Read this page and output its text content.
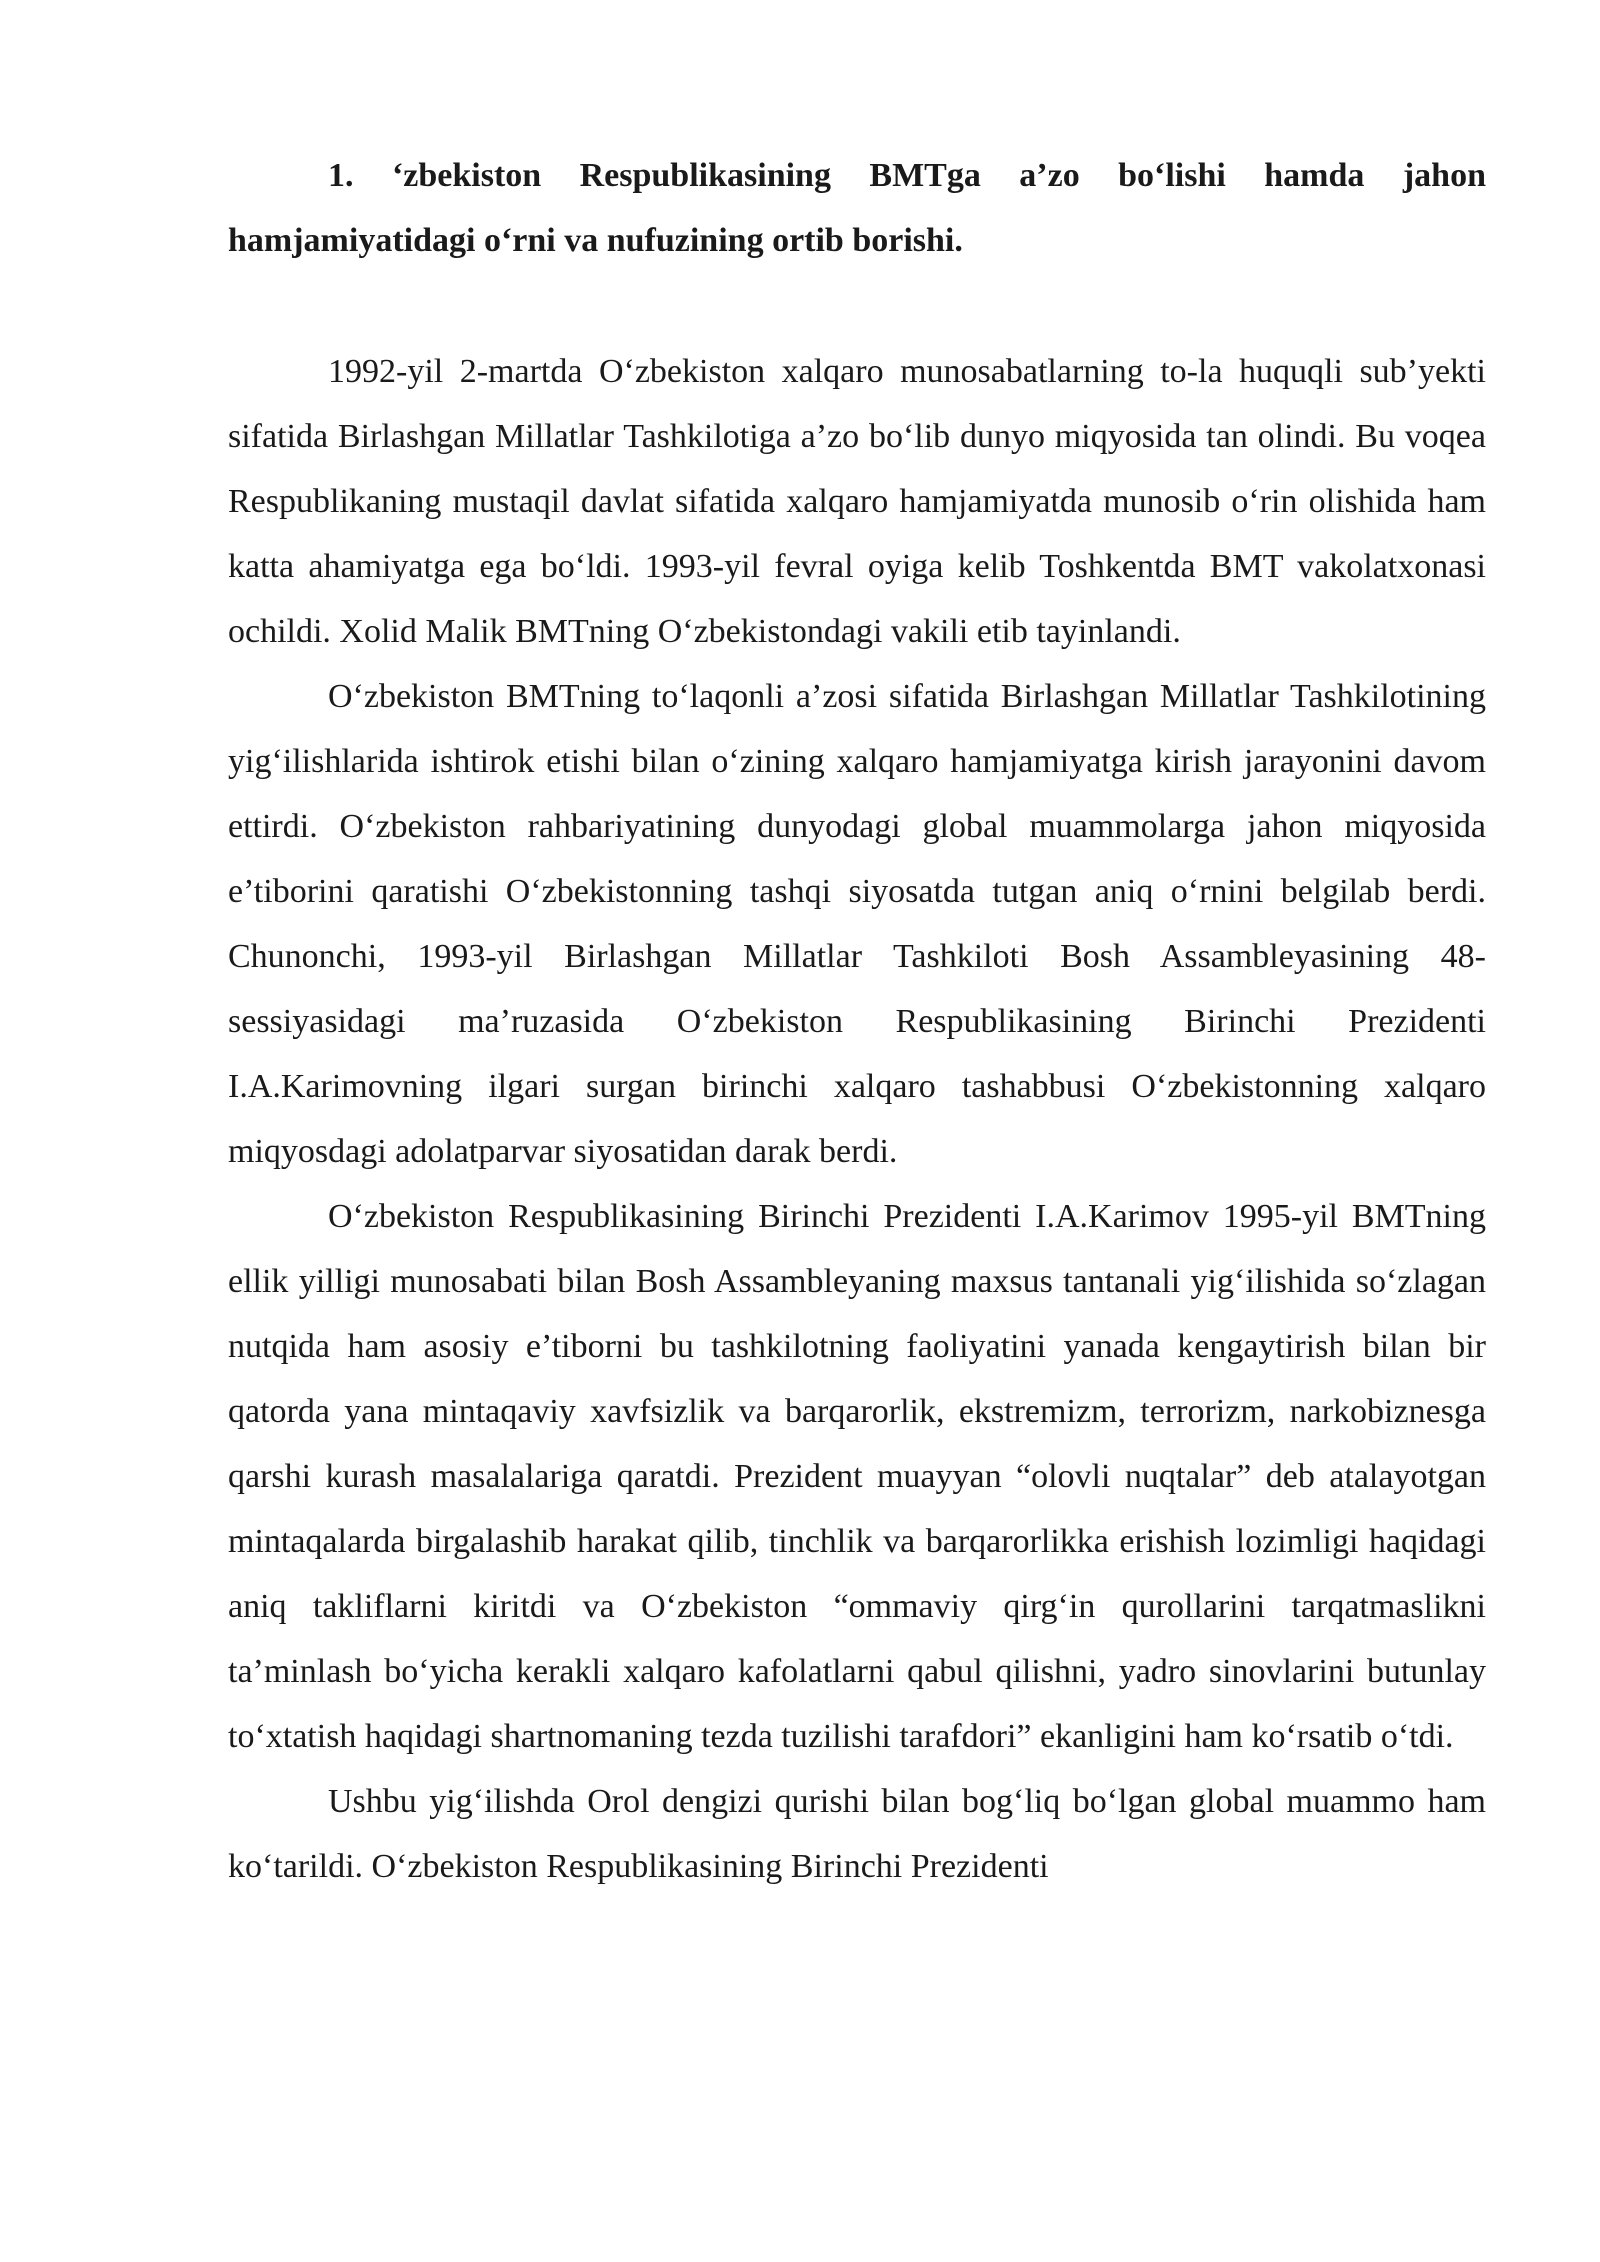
1. ‘zbekiston Respublikasining BMTga a’zo bo‘lishi hamda jahon hamjamiyatidagi o‘rni va nufuzining ortib borishi.

1992-yil 2-martda O‘zbekiston xalqaro munosabatlarning to-la huquqli sub’yekti sifatida Birlashgan Millatlar Tashkilotiga a’zo bo‘lib dunyo miqyosida tan olindi. Bu voqea Respublikaning mustaqil davlat sifatida xalqaro hamjamiyatda munosib o‘rin olishida ham katta ahamiyatga ega bo‘ldi. 1993-yil fevral oyiga kelib Toshkentda BMT vakolatxonasi ochildi. Xolid Malik BMTning O‘zbekistondagi vakili etib tayinlandi.

O‘zbekiston BMTning to‘laqonli a’zosi sifatida Birlashgan Millatlar Tashkilotining yig‘ilishlarida ishtirok etishi bilan o‘zining xalqaro hamjamiyatga kirish jarayonini davom ettirdi. O‘zbekiston rahbariyatining dunyodagi global muammolarga jahon miqyosida e’tiborini qaratishi O‘zbekistonning tashqi siyosatda tutgan aniq o‘rnini belgilab berdi. Chunonchi, 1993-yil Birlashgan Millatlar Tashkiloti Bosh Assambleyasining 48-sessiyasidagi ma’ruzasida O‘zbekiston Respublikasining Birinchi Prezidenti I.A.Karimovning ilgari surgan birinchi xalqaro tashabbusi O‘zbekistonning xalqaro miqyosdagi adolatparvar siyosatidan darak berdi.

O‘zbekiston Respublikasining Birinchi Prezidenti I.A.Karimov 1995-yil BMTning ellik yilligi munosabati bilan Bosh Assambleyaning maxsus tantanali yig‘ilishida so‘zlagan nutqida ham asosiy e’tiborni bu tashkilotning faoliyatini yanada kengaytirish bilan bir qatorda yana mintaqaviy xavfsizlik va barqarorlik, ekstremizm, terrorizm, narkobiznesga qarshi kurash masalalariga qaratdi. Prezident muayyan “olovli nuqtalar” deb atalayotgan mintaqalarda birgalashib harakat qilib, tinchlik va barqarorlikka erishish lozimligi haqidagi aniq takliflarni kiritdi va O‘zbekiston “ommaviy qirg‘in qurollarini tarqatmaslikni ta’minlash bo‘yicha kerakli xalqaro kafolatlarni qabul qilishni, yadro sinovlarini butunlay to‘xtatish haqidagi shartnomaning tezda tuzilishi tarafdori” ekanligini ham ko‘rsatib o‘tdi.

Ushbu yig‘ilishda Orol dengizi qurishi bilan bog‘liq bo‘lgan global muammo ham ko‘tarildi. O‘zbekiston Respublikasining Birinchi Prezidenti
